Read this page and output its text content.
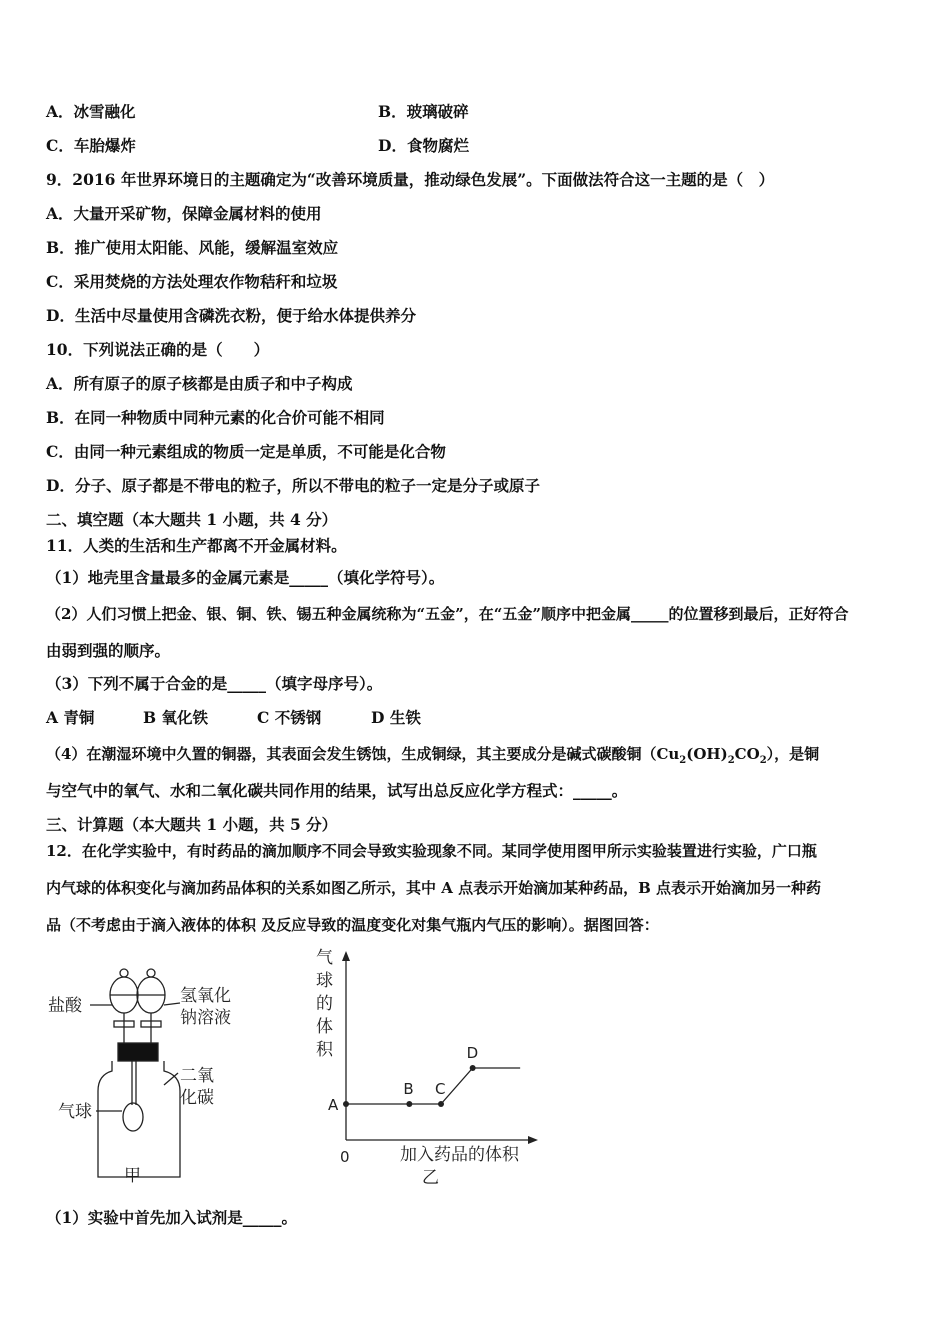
A．冰雪融化	B．玻璃破碎
C．车胎爆炸	D．食物腐烂
9．2016 年世界环境日的主题确定为“改善环境质量，推动绿色发展”。下面做法符合这一主题的是（　）
A．大量开采矿物，保障金属材料的使用
B．推广使用太阳能、风能，缓解温室效应
C．采用焚烧的方法处理农作物秸秆和垃圾
D．生活中尽量使用含磷洗衣粉，便于给水体提供养分
10．下列说法正确的是（　　）
A．所有原子的原子核都是由质子和中子构成
B．在同一种物质中同种元素的化合价可能不相同
C．由同一种元素组成的物质一定是单质，不可能是化合物
D．分子、原子都是不带电的粒子，所以不带电的粒子一定是分子或原子
二、填空题（本大题共 1 小题，共 4 分）
11．人类的生活和生产都离不开金属材料。
（1）地壳里含量最多的金属元素是_____（填化学符号）。
（2）人们习惯上把金、银、铜、铁、锡五种金属统称为“五金”，在“五金”顺序中把金属_____的位置移到最后，正好符合
由弱到强的顺序。
（3）下列不属于合金的是_____（填字母序号）。
A 青铜	B 氧化铁	C 不锈钢	D 生铁
（4）在潮湿环境中久置的铜器，其表面会发生锈蚀，生成铜绿，其主要成分是碱式碳酸铜$(Cu_2(OH)_2CO_2)$，是铜
与空气中的氧气、水和二氧化碳共同作用的结果，试写出总反应化学方程式：_____。
三、计算题（本大题共 1 小题，共 5 分）
12．在化学实验中，有时药品的滴加顺序不同会导致实验现象不同。某同学使用图甲所示实验装置进行实验，广口瓶
内气球的体积变化与滴加药品体积的关系如图乙所示，其中 A 点表示开始滴加某种药品，B 点表示开始滴加另一种药
品（不考虑由于滴入液体的体积 及反应导致的温度变化对集气瓶内气压的影响）。据图回答：
盐酸	氢氧化
钠溶液
二氧
化碳
气球
甲
气
球
的
体
积
A
B C
D
加入药品的体积
0
乙
（1）实验中首先加入试剂是_____。
